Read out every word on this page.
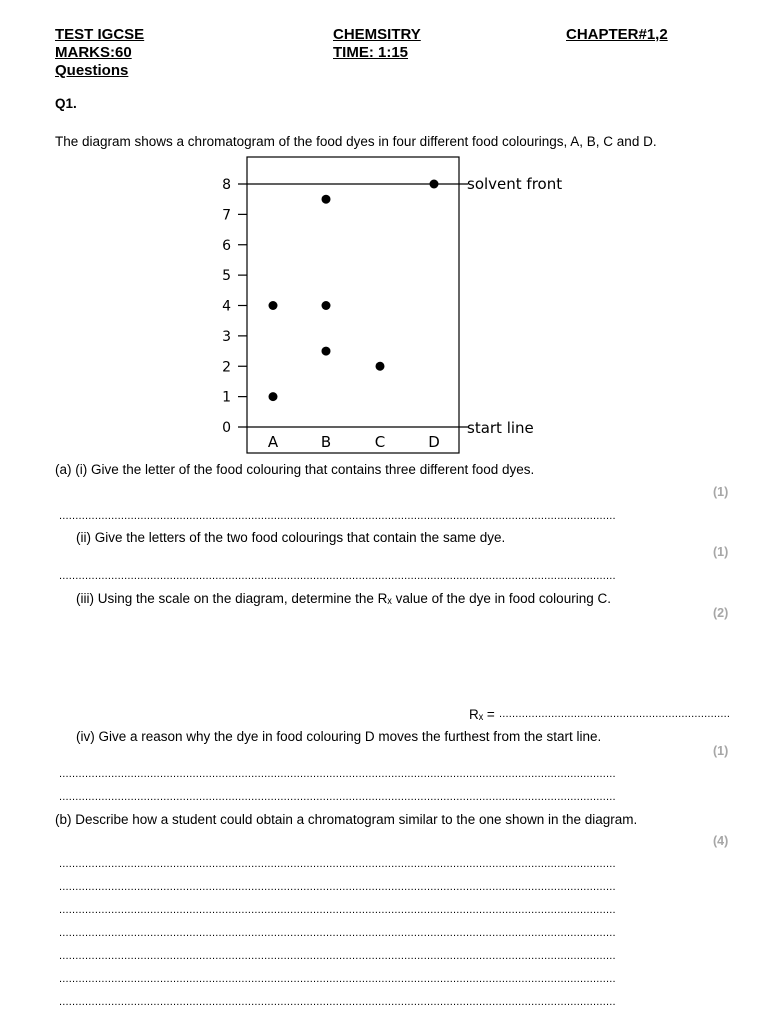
TEST IGCSE
MARKS:60
Questions
CHEMSITRY
TIME: 1:15
CHAPTER#1,2
Q1.
The diagram shows a chromatogram of the food dyes in four different food colourings, A, B, C and D.
0
1
2
3
4
5
6
7
8	solvent front
start line
A	B	C	D
(a) (i) Give the letter of the food colouring that contains three different food dyes.
(1)
.....
(ii) Give the letters of the two food colourings that contain the same dye.
(1)
.....
(iii) Using the scale on the diagram, determine the Rₓ value of the dye in food colouring C.
(2)
Rₓ =
.....
(iv) Give a reason why the dye in food colouring D moves the furthest from the start line.
(1)
.....
.....
(b) Describe how a student could obtain a chromatogram similar to the one shown in the diagram.
(4)
.....
.....
.....
.....
.....
.....
.....
